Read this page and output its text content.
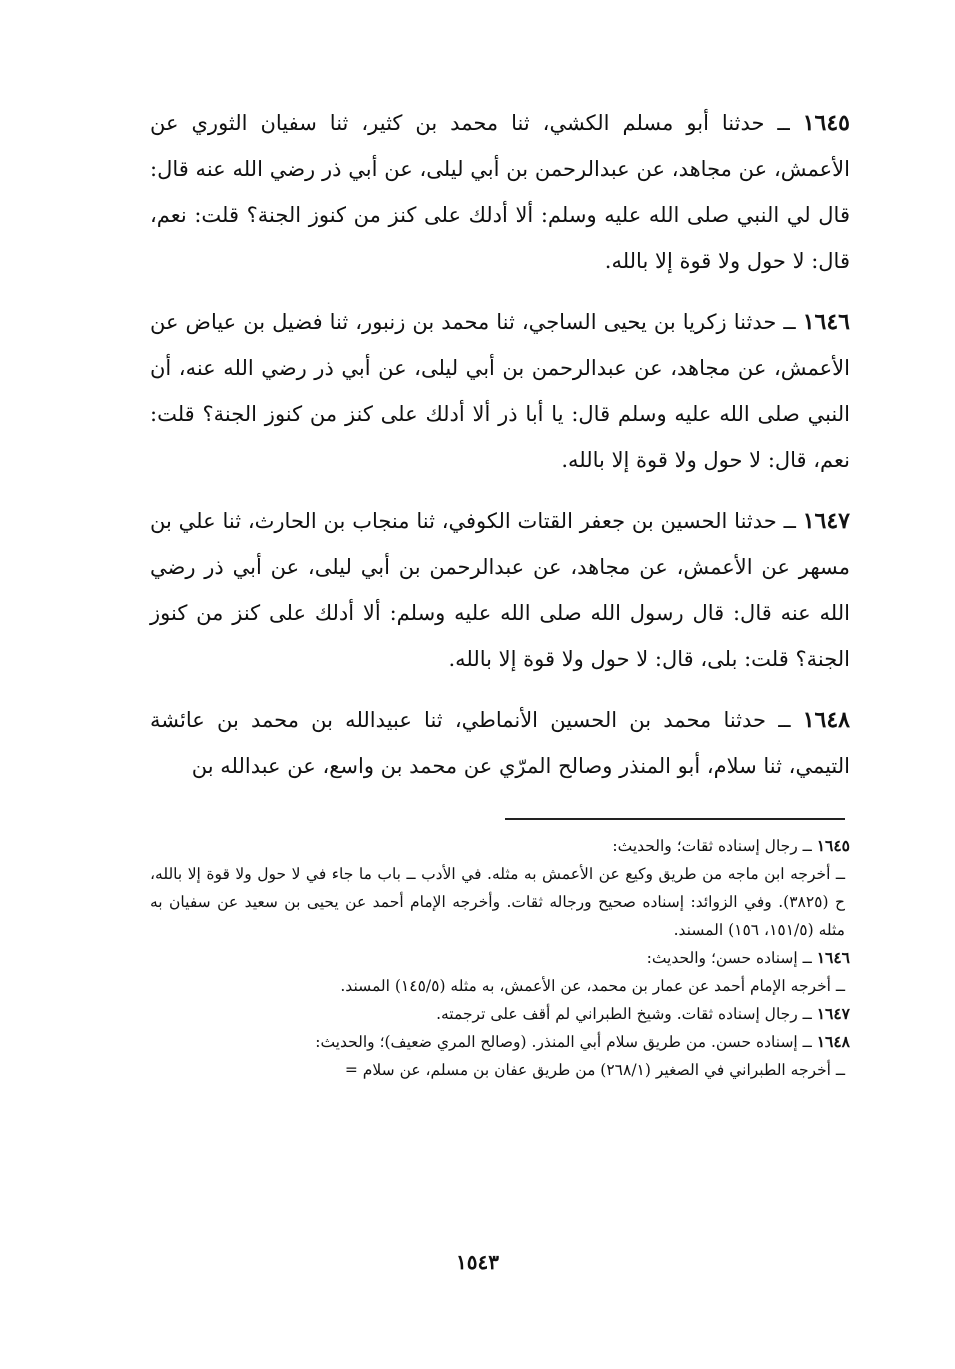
١٦٤٥ ــ حدثنا أبو مسلم الكشي، ثنا محمد بن كثير، ثنا سفيان الثوري عن الأعمش، عن مجاهد، عن عبدالرحمن بن أبي ليلى، عن أبي ذر رضي الله عنه قال: قال لي النبي صلى الله عليه وسلم: ألا أدلك على كنز من كنوز الجنة؟ قلت: نعم، قال: لا حول ولا قوة إلا بالله.

١٦٤٦ ــ حدثنا زكريا بن يحيى الساجي، ثنا محمد بن زنبور، ثنا فضيل بن عياض عن الأعمش، عن مجاهد، عن عبدالرحمن بن أبي ليلى، عن أبي ذر رضي الله عنه، أن النبي صلى الله عليه وسلم قال: يا أبا ذر ألا أدلك على كنز من كنوز الجنة؟ قلت: نعم، قال: لا حول ولا قوة إلا بالله.

١٦٤٧ ــ حدثنا الحسين بن جعفر القتات الكوفي، ثنا منجاب بن الحارث، ثنا علي بن مسهر عن الأعمش، عن مجاهد، عن عبدالرحمن بن أبي ليلى، عن أبي ذر رضي الله عنه قال: قال رسول الله صلى الله عليه وسلم: ألا أدلك على كنز من كنوز الجنة؟ قلت: بلى، قال: لا حول ولا قوة إلا بالله.

١٦٤٨ ــ حدثنا محمد بن الحسين الأنماطي، ثنا عبيدالله بن محمد بن عائشة التيمي، ثنا سلام، أبو المنذر وصالح المرّي عن محمد بن واسع، عن عبدالله بن

١٦٤٥ ــ رجال إسناده ثقات؛ والحديث:

ــ أخرجه ابن ماجه من طريق وكيع عن الأعمش به مثله. في الأدب ــ باب ما جاء في لا حول ولا قوة إلا بالله، ح (٣٨٢٥). وفي الزوائد: إسناده صحيح ورجاله ثقات. وأخرجه الإمام أحمد عن يحيى بن سعيد عن سفيان به مثله (١٥١/٥، ١٥٦) المسند.

١٦٤٦ ــ إسناده حسن؛ والحديث:

ــ أخرجه الإمام أحمد عن عمار بن محمد، عن الأعمش، به مثله (١٤٥/٥) المسند.

١٦٤٧ ــ رجال إسناده ثقات. وشيخ الطبراني لم أقف على ترجمته.

١٦٤٨ ــ إسناده حسن. من طريق سلام أبي المنذر. (وصالح المري ضعيف)؛ والحديث:

ــ أخرجه الطبراني في الصغير (٢٦٨/١) من طريق عفان بن مسلم، عن سلام =

١٥٤٣
